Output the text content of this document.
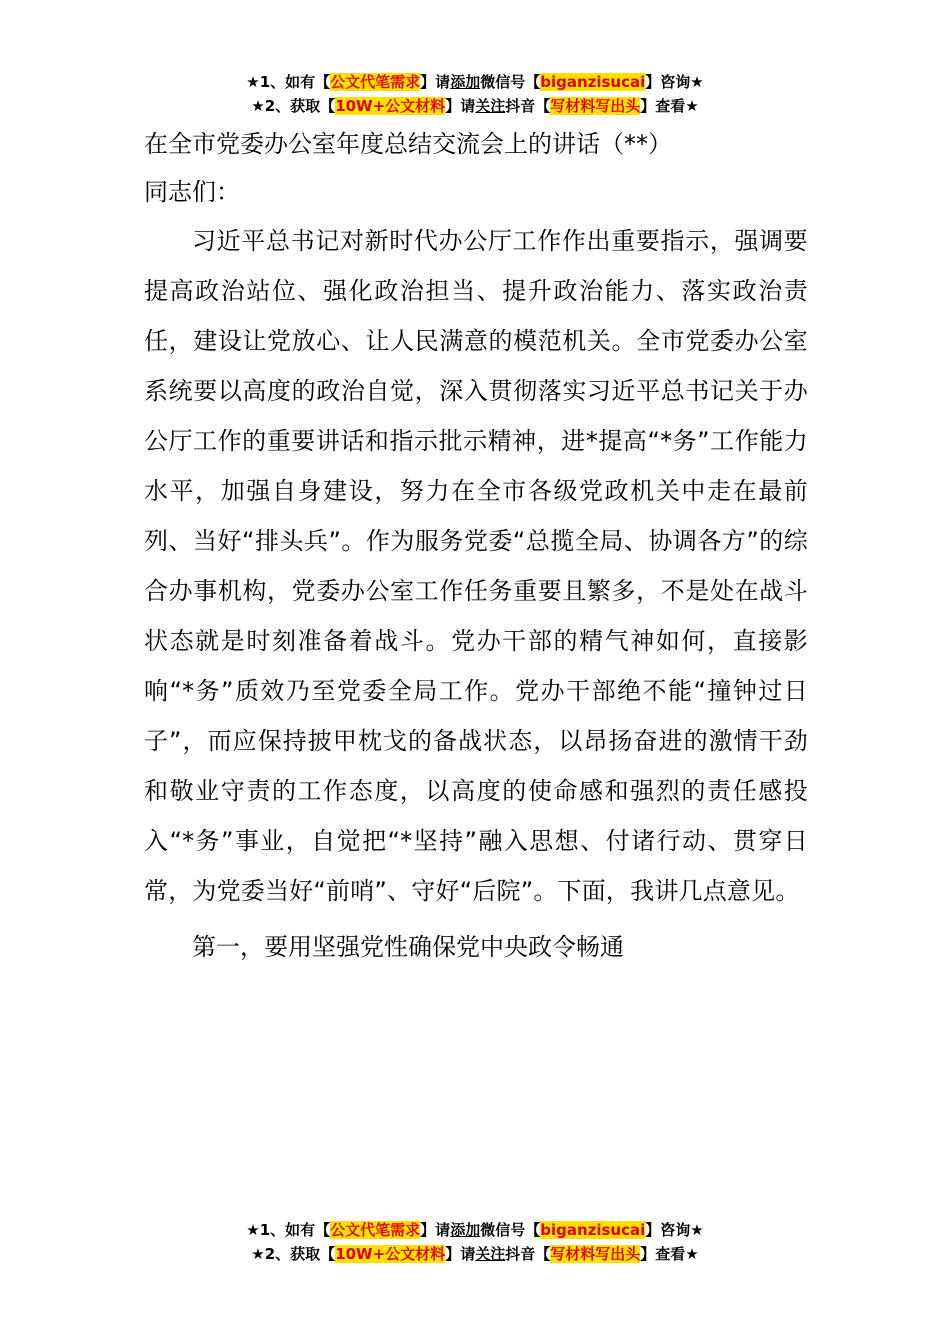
★1、如有【公文代笔需求】请添加微信号【biganzisucai】咨询★
★2、获取【10W+公文材料】请关注抖音【写材料写出头】查看★

在全市党委办公室年度总结交流会上的讲话（**）

同志们：

习近平总书记对新时代办公厅工作作出重要指示，强调要提高政治站位、强化政治担当、提升政治能力、落实政治责任，建设让党放心、让人民满意的模范机关。全市党委办公室系统要以高度的政治自觉，深入贯彻落实习近平总书记关于办公厅工作的重要讲话和指示批示精神，进*提高“*务”工作能力水平，加强自身建设，努力在全市各级党政机关中走在最前列、当好“排头兵”。作为服务党委“总揽全局、协调各方”的综合办事机构，党委办公室工作任务重要且繁多，不是处在战斗状态就是时刻准备着战斗。党办干部的精气神如何，直接影响“*务”质效乃至党委全局工作。党办干部绝不能“撞钟过日子”，而应保持披甲枕戈的备战状态，以昂扬奋进的激情干劲和敬业守责的工作态度，以高度的使命感和强烈的责任感投入“*务”事业，自觉把“*坚持”融入思想、付诸行动、贯穿日常，为党委当好“前哨”、守好“后院”。下面，我讲几点意见。

第一，要用坚强党性确保党中央政令畅通

★1、如有【公文代笔需求】请添加微信号【biganzisucai】咨询★
★2、获取【10W+公文材料】请关注抖音【写材料写出头】查看★
